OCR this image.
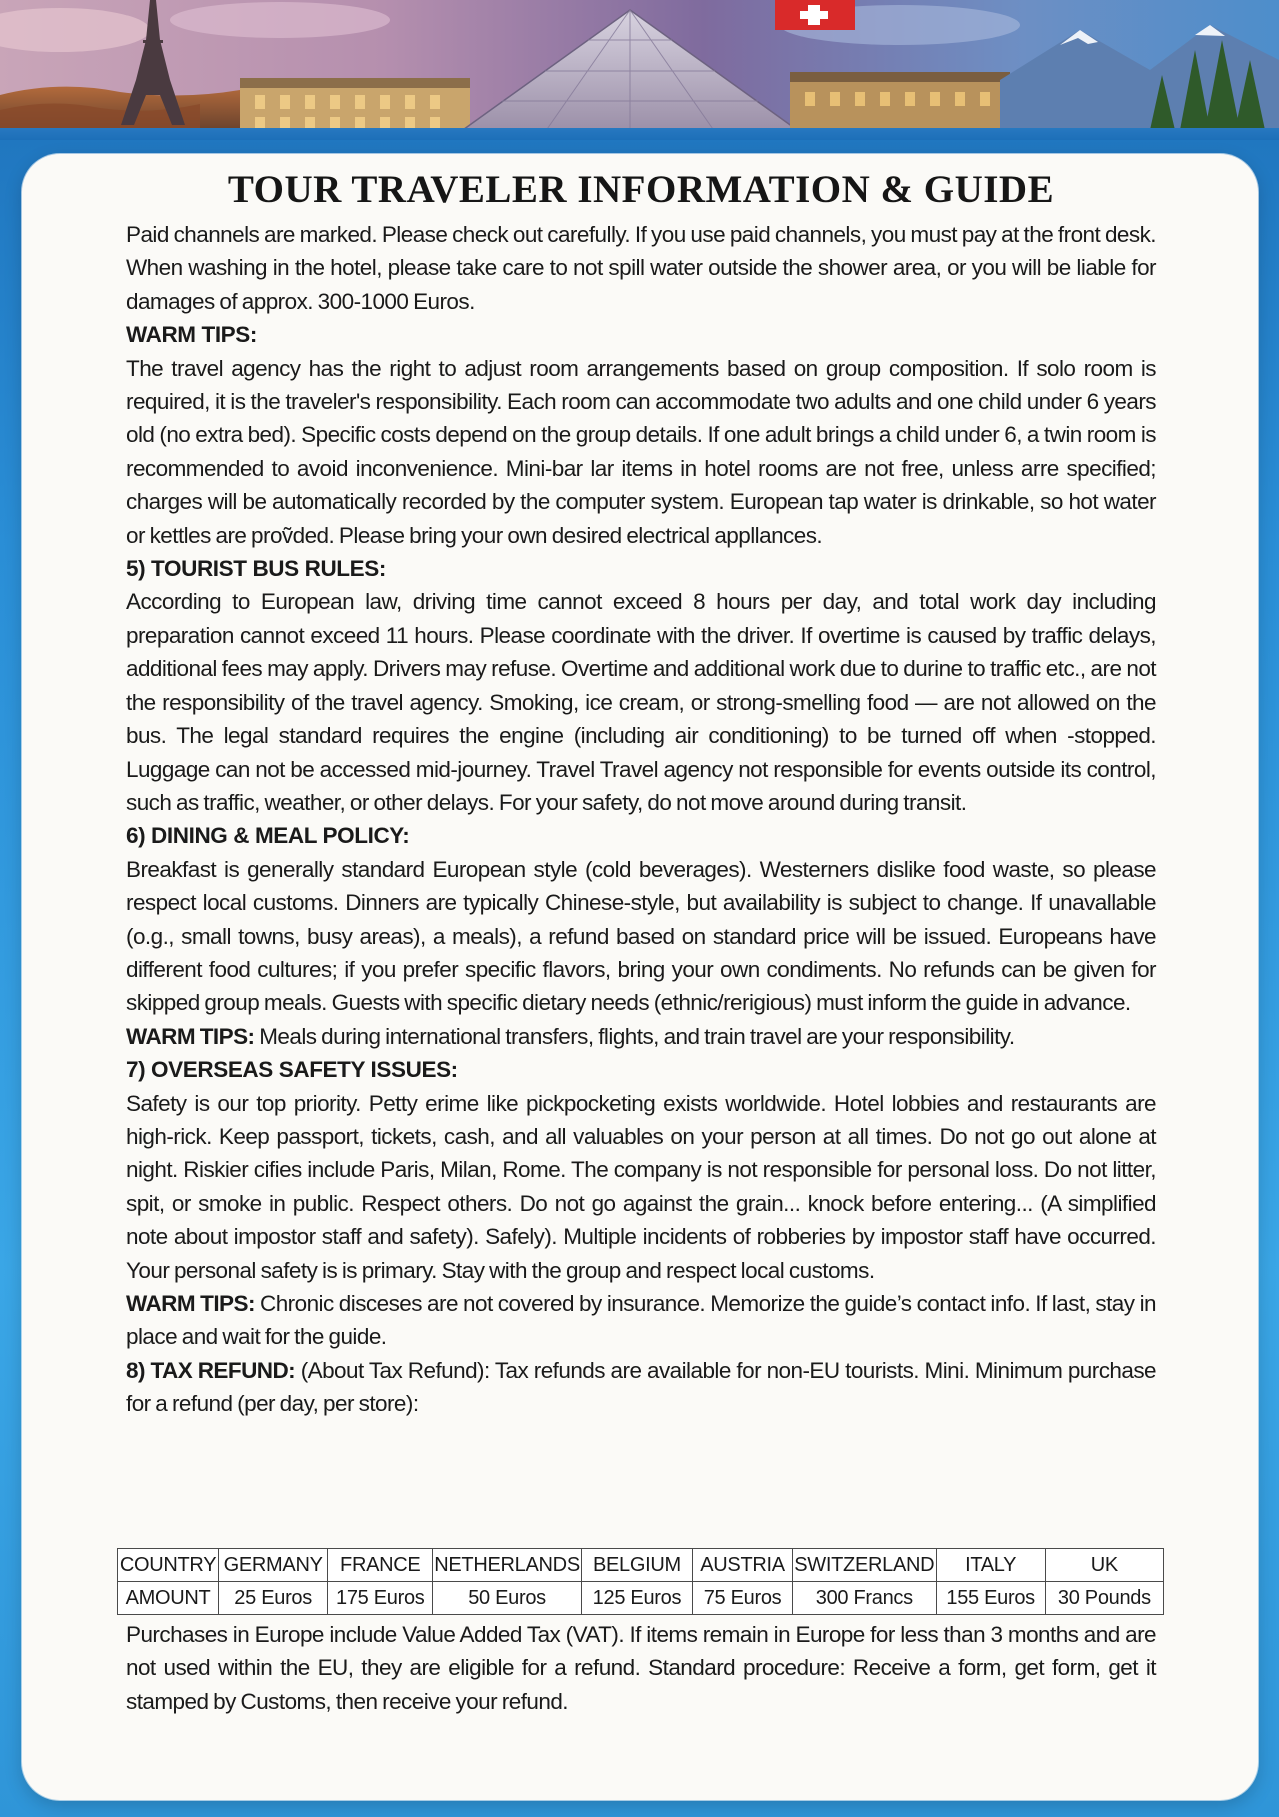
TOUR TRAVELER INFORMATION & GUIDE

Paid channels are marked. Please check out carefully. If you use paid channels, you must pay at the front desk. When washing in the hotel, please take care to not spill water outside the shower area, or you will be liable for damages of approx. 300-1000 Euros.

WARM TIPS:

The travel agency has the right to adjust room arrangements based on group composition. If solo room is required, it is the traveler's responsibility. Each room can accommodate two adults and one child under 6 years old (no extra bed). Specific costs depend on the group details. If one adult brings a child under 6, a twin room is recommended to avoid inconvenience. Mini-bar lar items in hotel rooms are not free, unless arre specified; charges will be automatically recorded by the computer system. European tap water is drinkable, so hot water or kettles are proṽded. Please bring your own desired electrical appllances.

5) TOURIST BUS RULES:

According to European law, driving time cannot exceed 8 hours per day, and total work day including preparation cannot exceed 11 hours. Please coordinate with the driver. If overtime is caused by traffic delays, additional fees may apply. Drivers may refuse. Overtime and additional work due to durine to traffic etc., are not the responsibility of the travel agency. Smoking, ice cream, or strong-smelling food — are not allowed on the bus. The legal standard requires the engine (including air conditioning) to be turned off when -stopped. Luggage can not be accessed mid-journey. Travel Travel agency not responsible for events outside its control, such as traffic, weather, or other delays. For your safety, do not move around during transit.

6) DINING & MEAL POLICY:

Breakfast is generally standard European style (cold beverages). Westerners dislike food waste, so please respect local customs. Dinners are typically Chinese-style, but availability is subject to change. If unavallable (o.g., small towns, busy areas), a meals), a refund based on standard price will be issued. Europeans have different food cultures; if you prefer specific flavors, bring your own condiments. No refunds can be given for skipped group meals. Guests with specific dietary needs (ethnic/rerigious) must inform the guide in advance.

WARM TIPS: Meals during international transfers, flights, and train travel are your responsibility.

7) OVERSEAS SAFETY ISSUES:

Safety is our top priority. Petty erime like pickpocketing exists worldwide. Hotel lobbies and restaurants are high-rick. Keep passport, tickets, cash, and all valuables on your person at all times. Do not go out alone at night. Riskier cifies include Paris, Milan, Rome. The company is not responsible for personal loss. Do not litter, spit, or smoke in public. Respect others. Do not go against the grain... knock before entering... (A simplified note about impostor staff and safety). Safely). Multiple incidents of robberies by impostor staff have occurred. Your personal safety is is primary. Stay with the group and respect local customs.

WARM TIPS: Chronic disceses are not covered by insurance. Memorize the guide’s contact info. If last, stay in place and wait for the guide.

8) TAX REFUND: (About Tax Refund): Tax refunds are available for non-EU tourists. Mini. Minimum purchase for a refund (per day, per store):

COUNTRY	GERMANY	FRANCE	NETHERLANDS	BELGIUM	AUSTRIA	SWITZERLAND	ITALY	UK
AMOUNT	25 Euros	175 Euros	50 Euros	125 Euros	75 Euros	300 Francs	155 Euros	30 Pounds

Purchases in Europe include Value Added Tax (VAT). If items remain in Europe for less than 3 months and are not used within the EU, they are eligible for a refund. Standard procedure: Receive a form, get form, get it stamped by Customs, then receive your refund.
